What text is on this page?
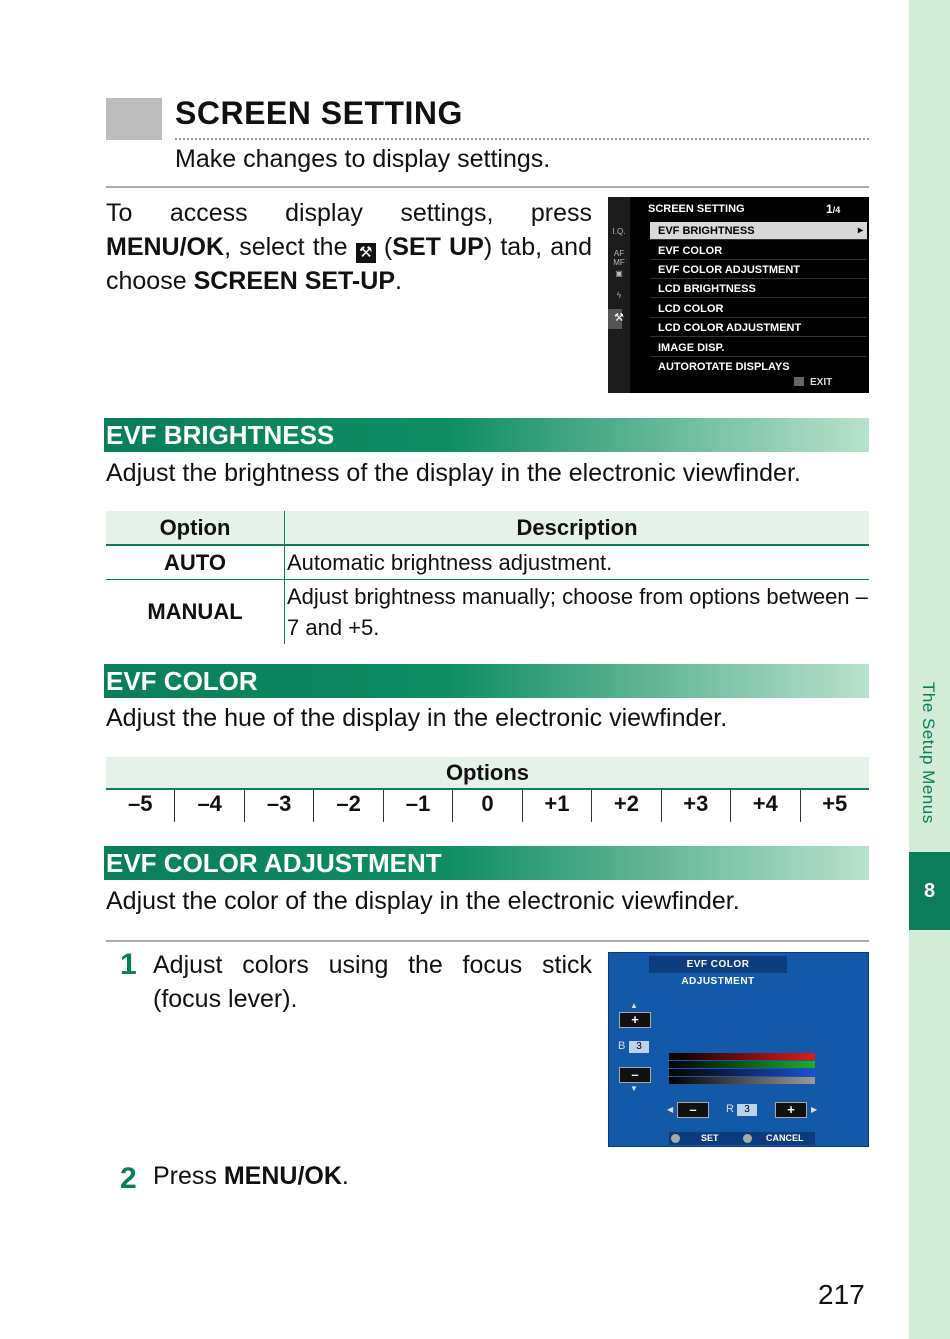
The Setup Menus
8
SCREEN SETTING
Make changes to display settings.
To access display settings, press MENU/OK, select the ⚒ (SET UP) tab, and choose SCREEN SET-UP.
I.Q.
AF MF
▣
ϟ
⚒
SCREEN SETTING	1/4
EVF BRIGHTNESS ▸
EVF COLOR
EVF COLOR ADJUSTMENT
LCD BRIGHTNESS
LCD COLOR
LCD COLOR ADJUSTMENT
IMAGE DISP.
AUTOROTATE DISPLAYS
EXIT
EVF BRIGHTNESS
Adjust the brightness of the display in the electronic viewfinder.
Option	Description
AUTO	Automatic brightness adjustment.
MANUAL	Adjust brightness manually; choose from options between –7 and +5.
EVF COLOR
Adjust the hue of the display in the electronic viewfinder.
Options
–5	–4	–3	–2	–1	0	+1	+2	+3	+4	+5
EVF COLOR ADJUSTMENT
Adjust the color of the display in the electronic viewfinder.
1 Adjust colors using the focus stick (focus lever).
EVF COLOR ADJUSTMENT
▲
+
B	3
–
▼
◀	–	R	3	+	▶
SET	CANCEL
2 Press MENU/OK.
217
